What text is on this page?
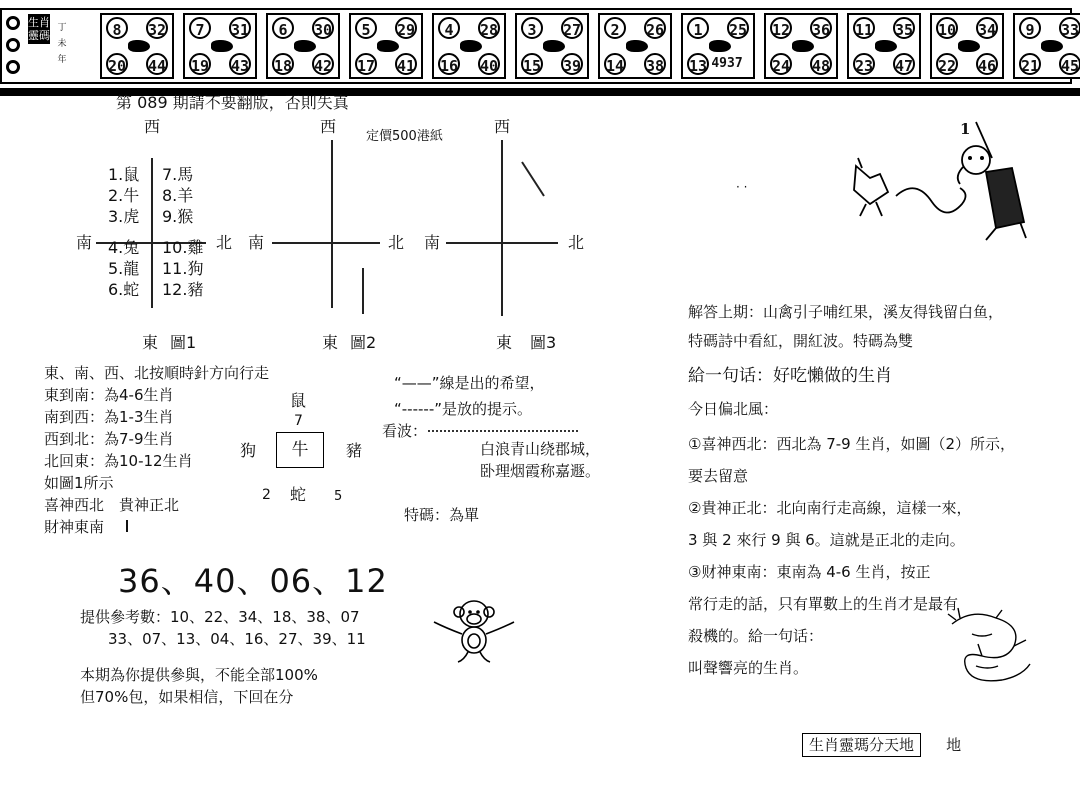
生肖靈碼
丁未年
8	32
20 44
7	31
19 43
6	30
18 42
5	29
17 41
4	28
16 40
3	27
15 39
2	26
14 38
1	25
13 4937
12 36
24 48
11 35
23 47
10 34
22 46
9	33
21 45
第 089 期請不要翻版，否則失真
定價500港紙
西
1.鼠
2.牛
3.虎
4.兔
5.龍
6.蛇
7.馬
8.羊
9.猴
10.雞
11.狗
12.豬
南	北
東 圖1
西
南	北
東 圖2
西
南	北
東 圖3
東、南、西、北按順時針方向行走
東到南：為4-6生肖
南到西：為1-3生肖
西到北：為7-9生肖
北回東：為10-12生肖
如圖1所示
喜神西北　貴神正北
財神東南
鼠
7
狗	牛	豬
2 蛇 5
“——”線是出的希望，
“------”是放的提示。
看波：
白浪青山绕郡城，
卧理烟霞称嘉遯。
特碼：為單
36、40、06、12
提供參考數：10、22、34、18、38、07
33、07、13、04、16、27、39、11
本期為你提供參與，不能全部100%
但70%包，如果相信，下回在分
1
· ·
解答上期：山禽引子哺红果，溪友得钱留白鱼，
特碼詩中看紅，開紅波。特碼為雙
給一句话：好吃懶做的生肖
今日偏北風：
①喜神西北：西北為 7-9 生肖，如圖（2）所示，
要去留意
②貴神正北：北向南行走高線，這樣一來，
3 與 2 來行 9 與 6。這就是正北的走向。
③财神東南：東南為 4-6 生肖，按正
常行走的話，只有單數上的生肖才是最有
殺機的。給一句话：
叫聲響亮的生肖。
生肖靈瑪分天地 地
